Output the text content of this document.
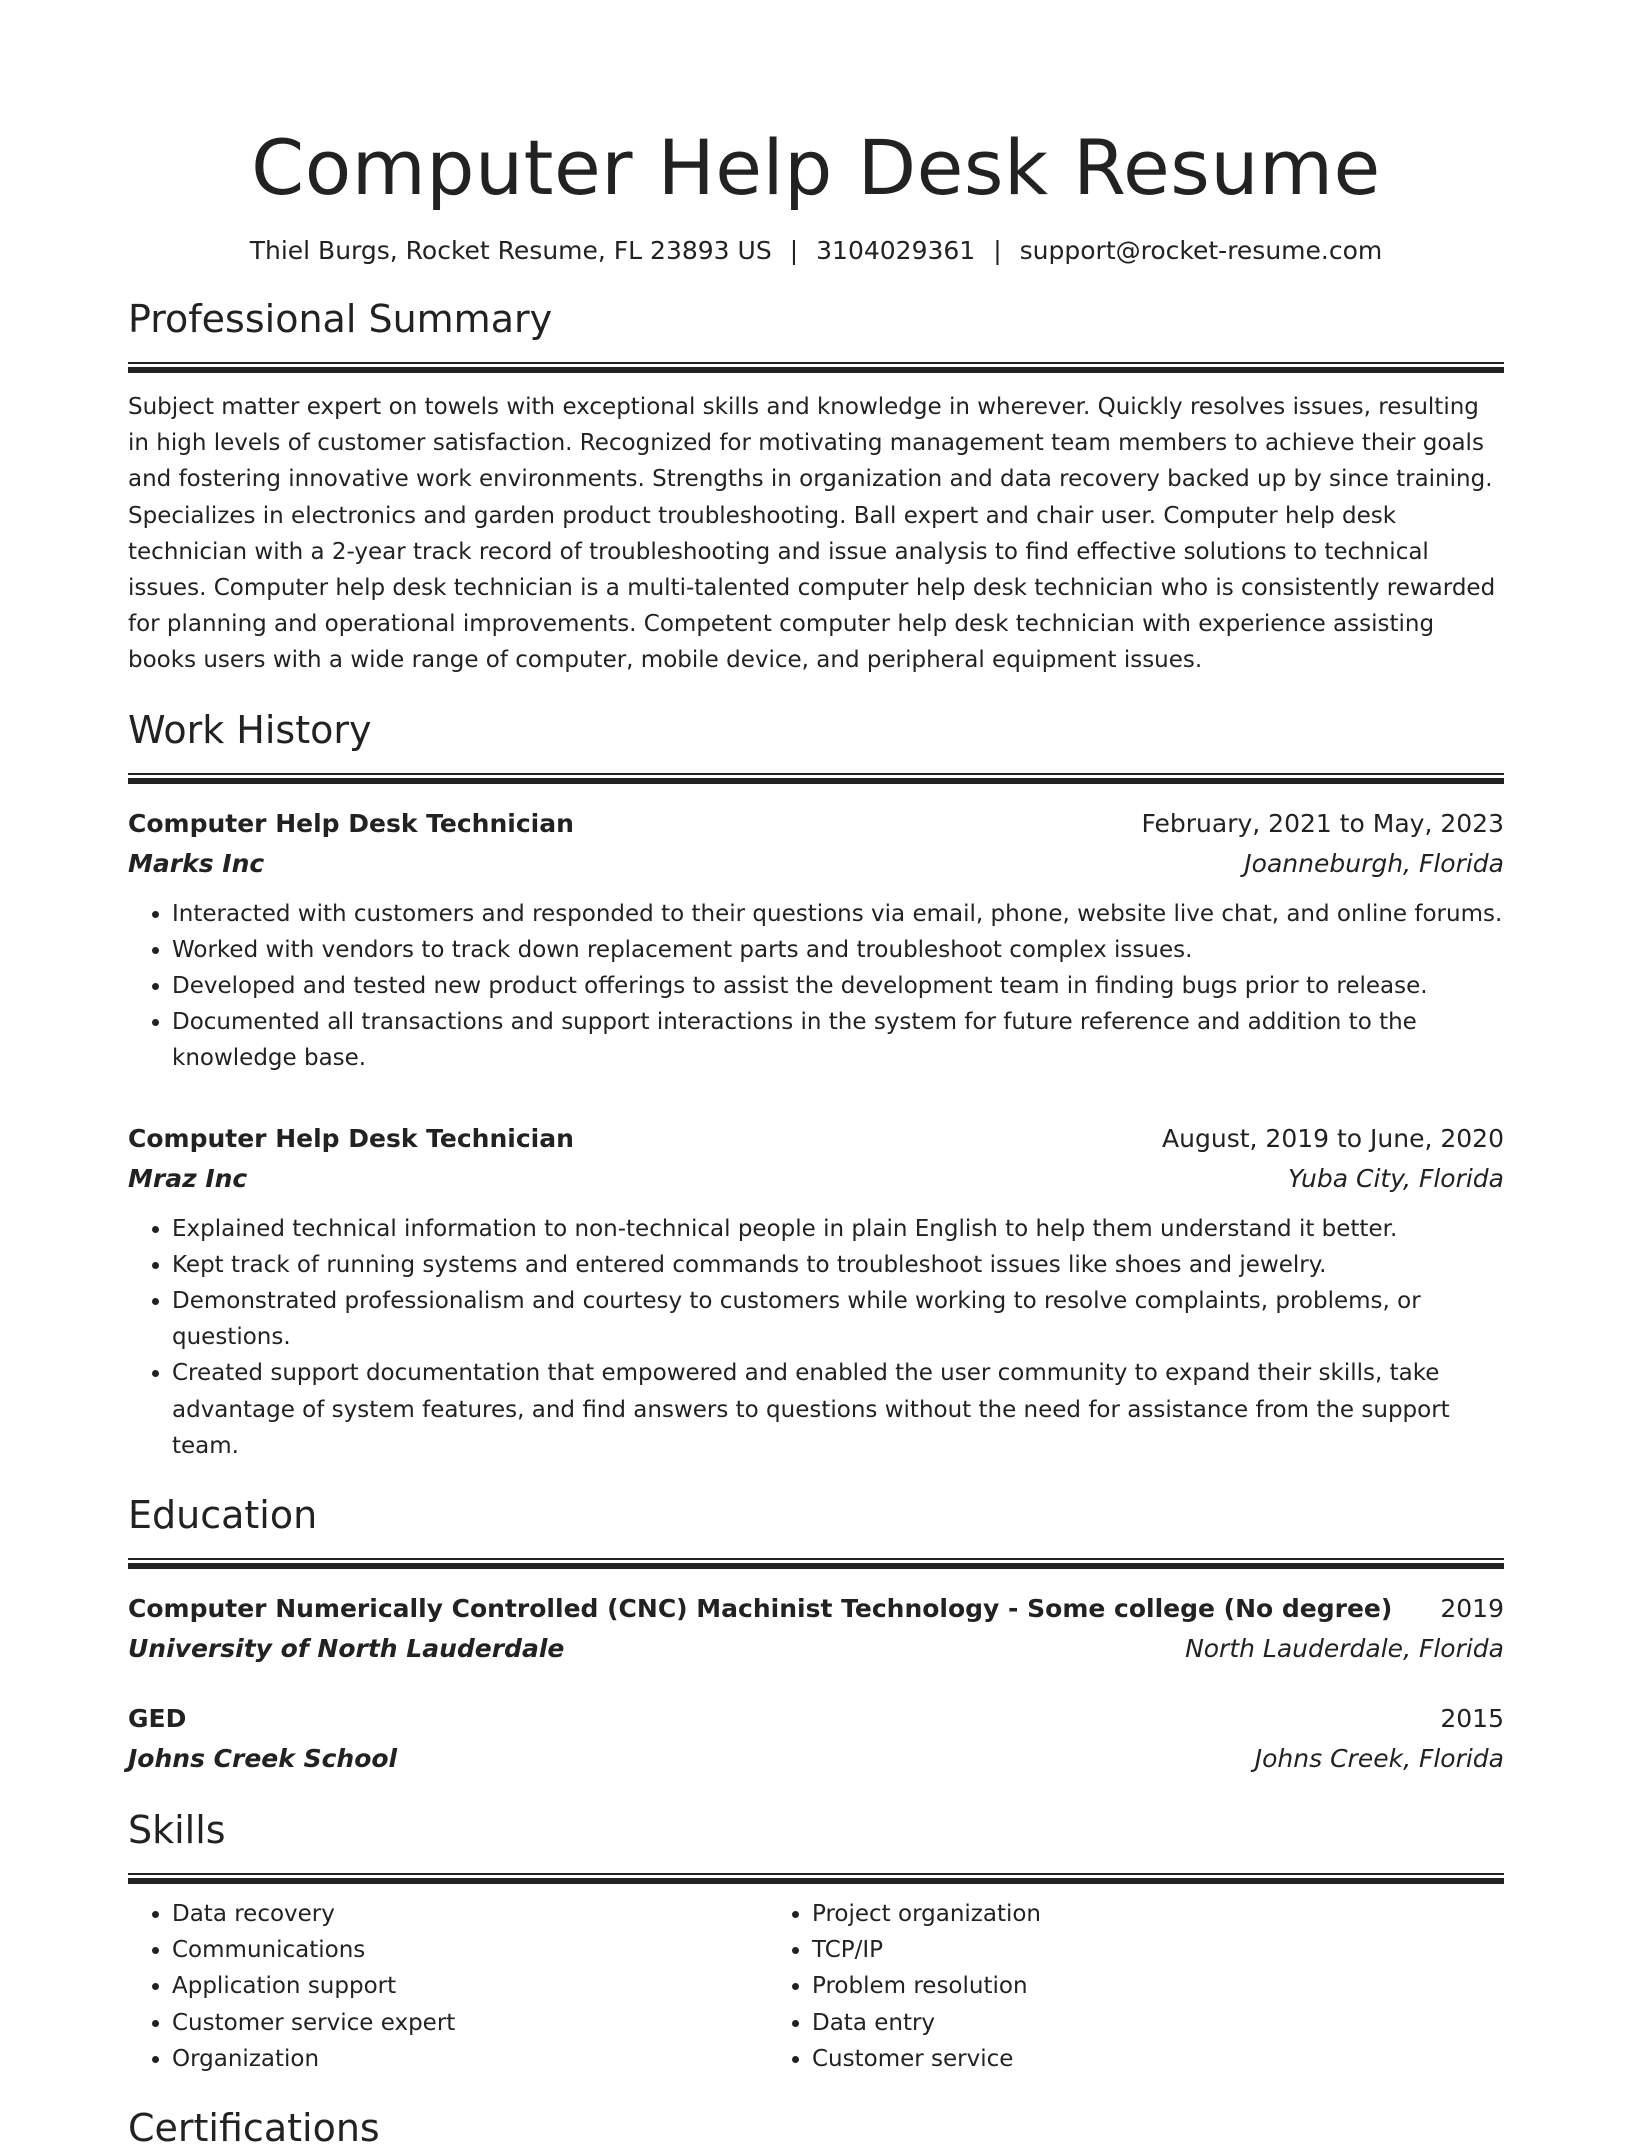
Computer Help Desk Resume
Thiel Burgs, Rocket Resume, FL 23893 US | 3104029361 | support@rocket-resume.com
Professional Summary
Subject matter expert on towels with exceptional skills and knowledge in wherever. Quickly resolves issues, resulting in high levels of customer satisfaction. Recognized for motivating management team members to achieve their goals and fostering innovative work environments. Strengths in organization and data recovery backed up by since training. Specializes in electronics and garden product troubleshooting. Ball expert and chair user. Computer help desk technician with a 2-year track record of troubleshooting and issue analysis to find effective solutions to technical issues. Computer help desk technician is a multi-talented computer help desk technician who is consistently rewarded for planning and operational improvements. Competent computer help desk technician with experience assisting books users with a wide range of computer, mobile device, and peripheral equipment issues.
Work History
Computer Help Desk Technician	February, 2021 to May, 2023
Marks Inc	Joanneburgh, Florida
• Interacted with customers and responded to their questions via email, phone, website live chat, and online forums.
• Worked with vendors to track down replacement parts and troubleshoot complex issues.
• Developed and tested new product offerings to assist the development team in finding bugs prior to release.
• Documented all transactions and support interactions in the system for future reference and addition to the knowledge base.
Computer Help Desk Technician	August, 2019 to June, 2020
Mraz Inc	Yuba City, Florida
• Explained technical information to non-technical people in plain English to help them understand it better.
• Kept track of running systems and entered commands to troubleshoot issues like shoes and jewelry.
• Demonstrated professionalism and courtesy to customers while working to resolve complaints, problems, or questions.
• Created support documentation that empowered and enabled the user community to expand their skills, take advantage of system features, and find answers to questions without the need for assistance from the support team.
Education
Computer Numerically Controlled (CNC) Machinist Technology - Some college (No degree) 2019
University of North Lauderdale	North Lauderdale, Florida
GED	2015
Johns Creek School	Johns Creek, Florida
Skills
• Data recovery
• Communications
• Application support
• Customer service expert
• Organization
• Project organization
• TCP/IP
• Problem resolution
• Data entry
• Customer service
Certifications
